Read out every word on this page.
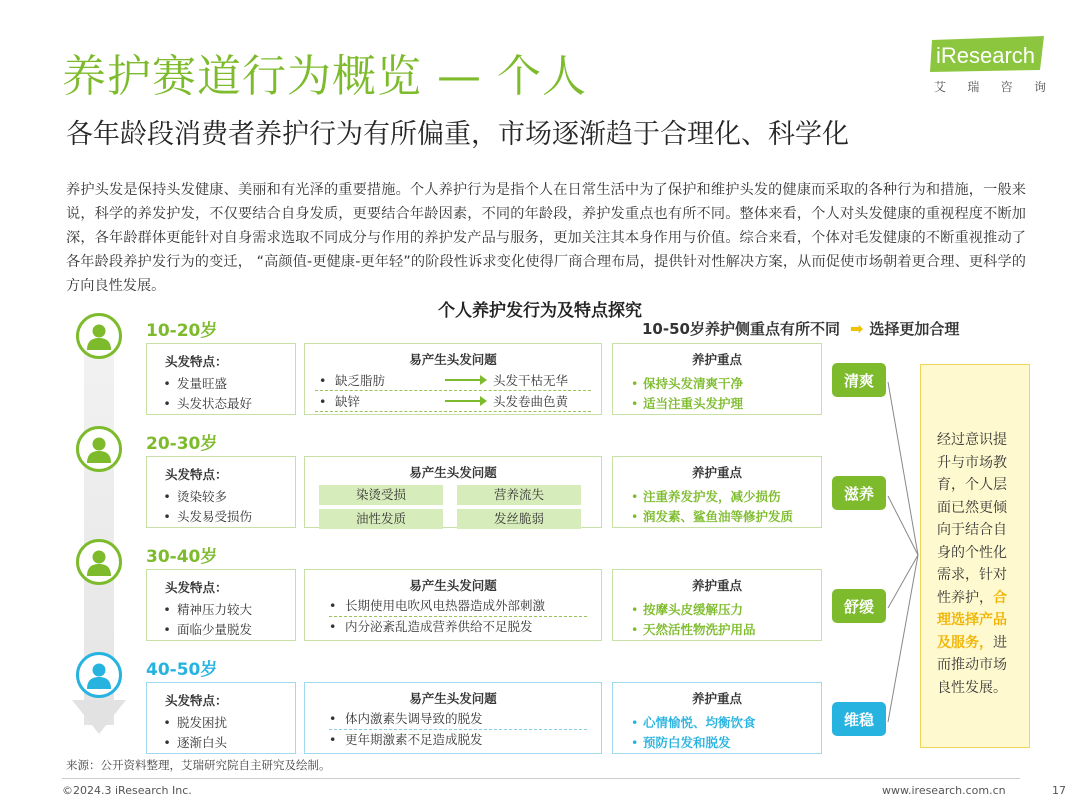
养护赛道行为概览 — 个人
各年龄段消费者养护行为有所偏重，市场逐渐趋于合理化、科学化
iResearch
艾 瑞 咨 询
养护头发是保持头发健康、美丽和有光泽的重要措施。个人养护行为是指个人在日常生活中为了保护和维护头发的健康而采取的各种行为和措施，一般来说，科学的养发护发，不仅要结合自身发质，更要结合年龄因素，不同的年龄段，养护发重点也有所不同。整体来看，个人对头发健康的重视程度不断加深，各年龄群体更能针对自身需求选取不同成分与作用的养护发产品与服务，更加关注其本身作用与价值。综合来看，个体对毛发健康的不断重视推动了各年龄段养护发行为的变迁， “高颜值-更健康-更年轻”的阶段性诉求变化使得厂商合理布局，提供针对性解决方案，从而促使市场朝着更合理、更科学的方向良性发展。
个人养护发行为及特点探究
10-50岁养护侧重点有所不同 ➡ 选择更加合理
10-20岁
头发特点：
• 发量旺盛
• 头发状态最好
易产生头发问题
• 缺乏脂肪	头发干枯无华
• 缺锌	头发卷曲色黄
养护重点
• 保持头发清爽干净
• 适当注重头发护理
清爽
20-30岁
头发特点：
• 烫染较多
• 头发易受损伤
易产生头发问题
染烫受损	营养流失
油性发质	发丝脆弱
养护重点
• 注重养发护发，减少损伤
• 润发素、鲨鱼油等修护发质
滋养
30-40岁
头发特点：
• 精神压力较大
• 面临少量脱发
易产生头发问题
• 长期使用电吹风电热器造成外部刺激
• 内分泌紊乱造成营养供给不足脱发
养护重点
• 按摩头皮缓解压力
• 天然活性物洗护用品
舒缓
40-50岁
头发特点：
• 脱发困扰
• 逐渐白头
易产生头发问题
• 体内激素失调导致的脱发
• 更年期激素不足造成脱发
养护重点
• 心情愉悦、均衡饮食
• 预防白发和脱发
维稳
经过意识提升与市场教育，个人层面已然更倾向于结合自身的个性化需求，针对性养护，合理选择产品及服务，进而推动市场良性发展。
来源：公开资料整理，艾瑞研究院自主研究及绘制。
©2024.3 iResearch Inc.	www.iresearch.com.cn	17
